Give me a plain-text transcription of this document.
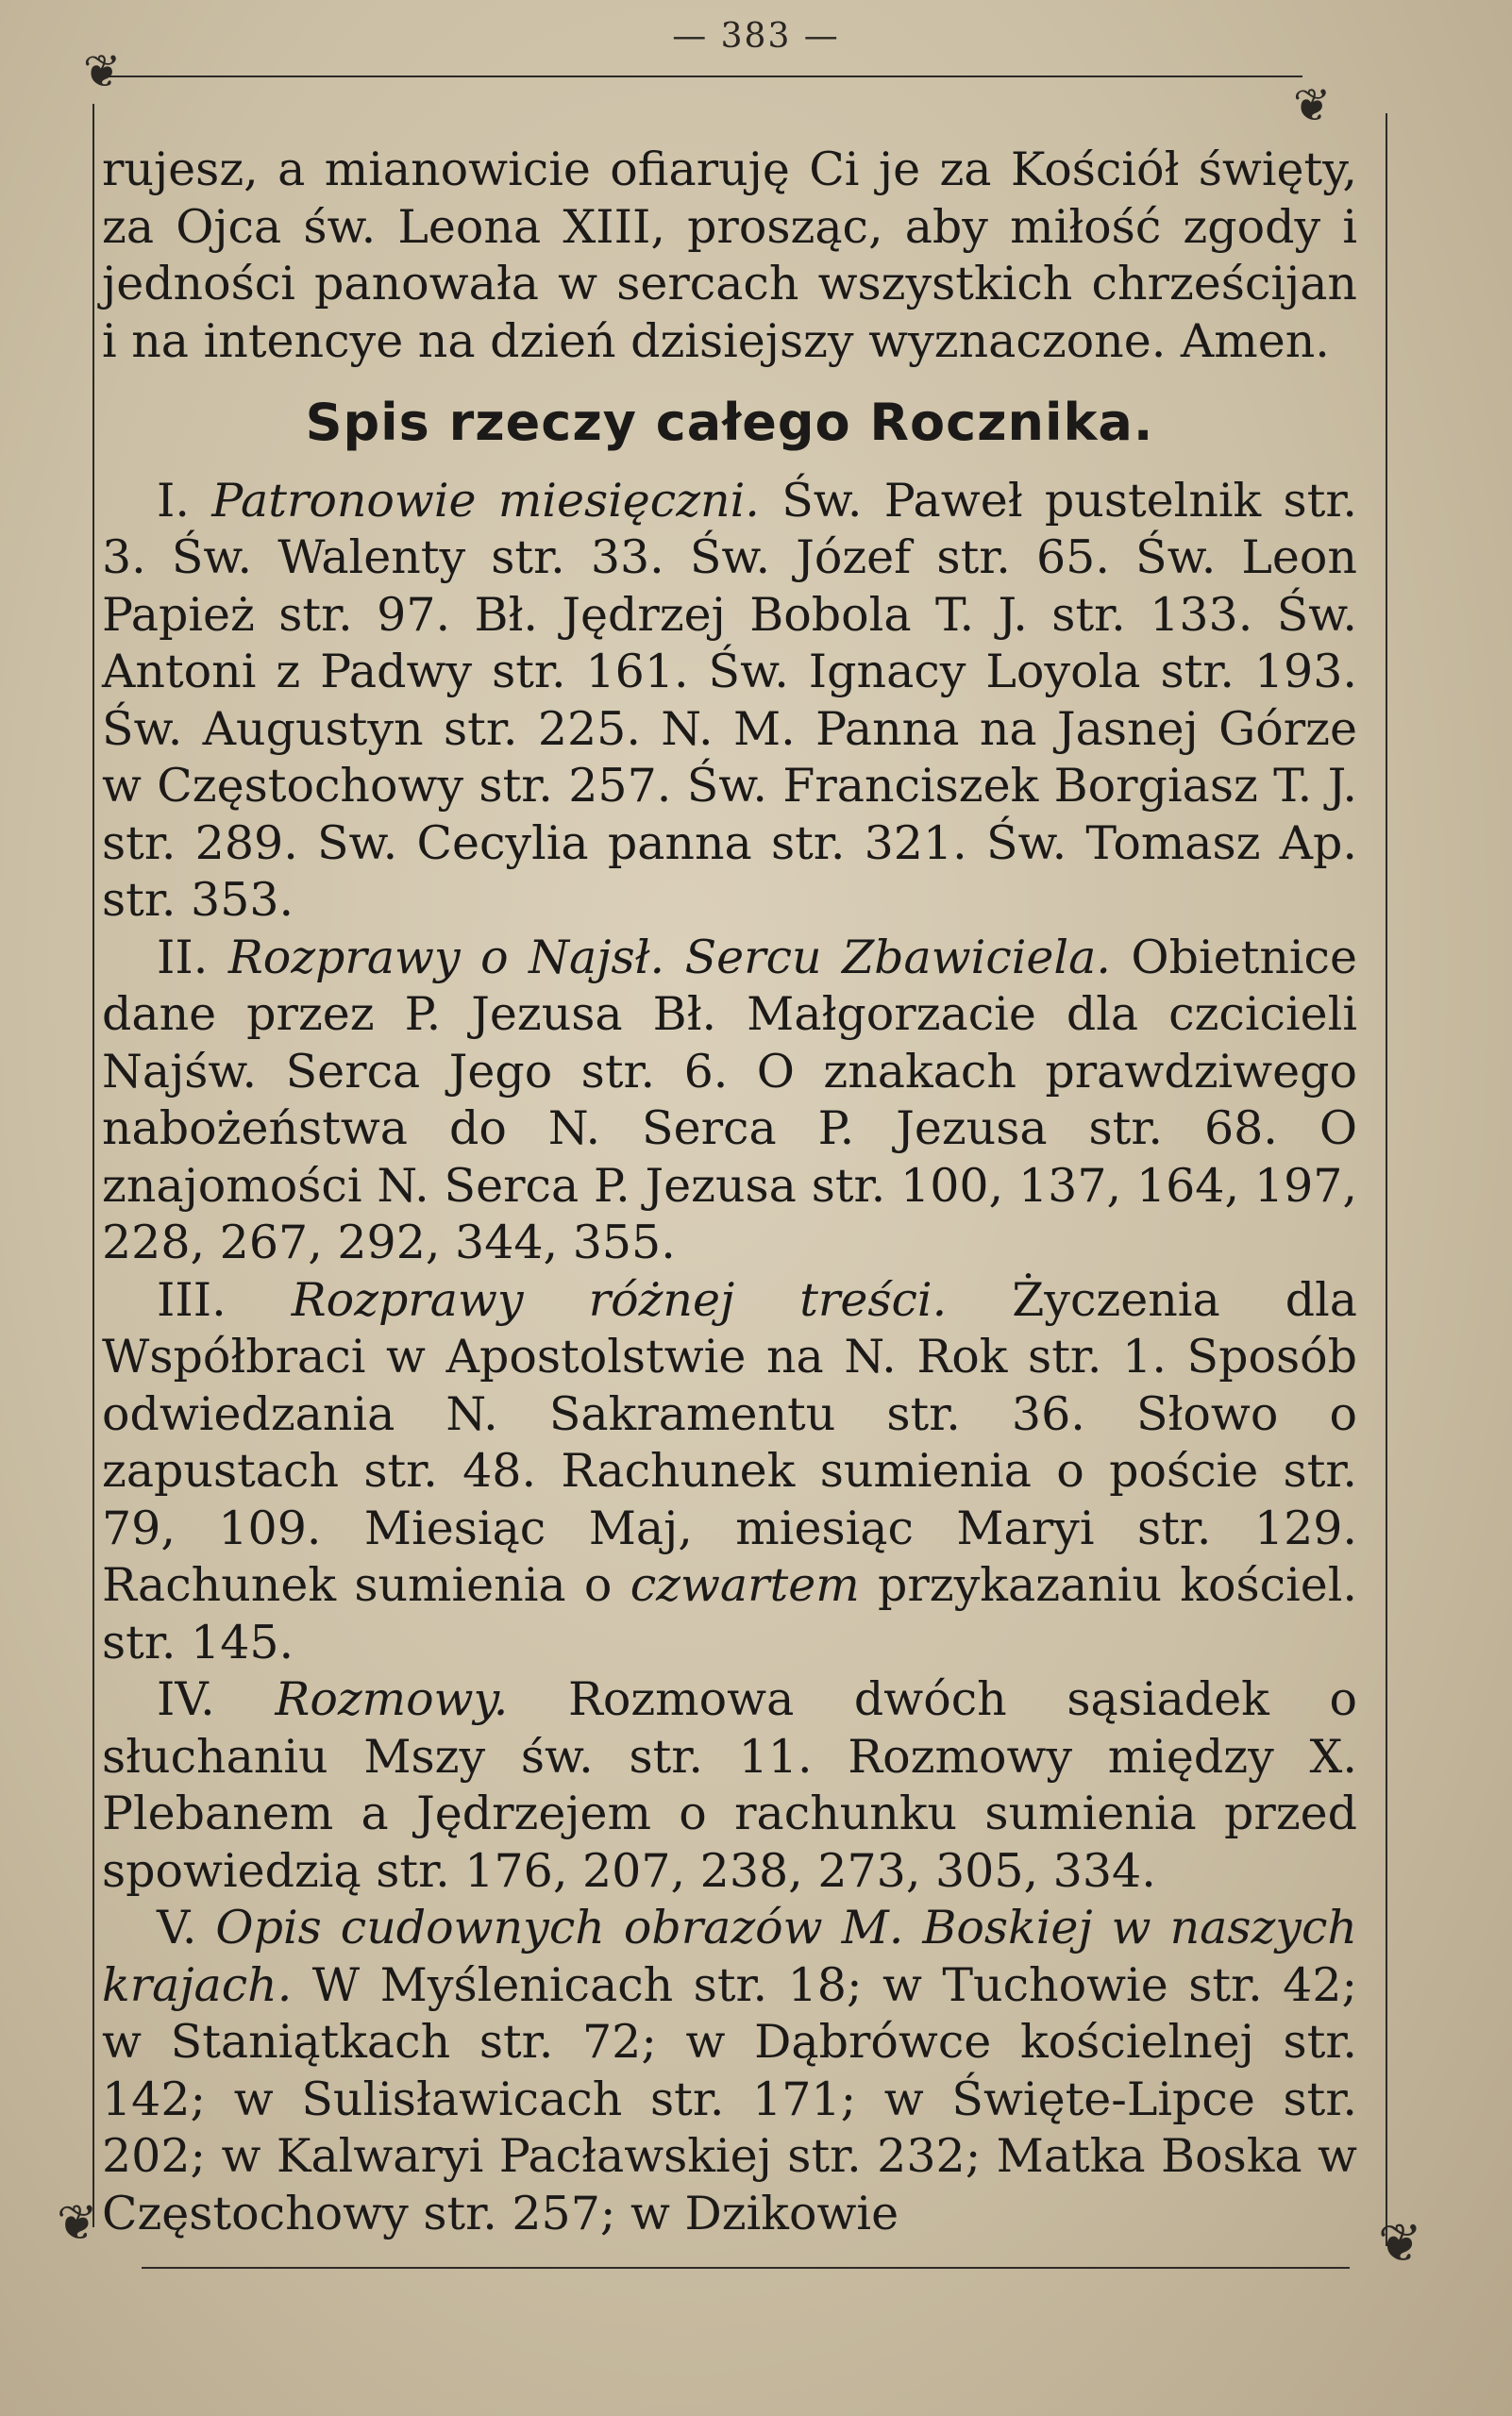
— 383 —
❦
❦
❦	❦

rujesz, a mianowicie ofiaruję Ci je za Kościół święty, za Ojca św. Leona XIII, prosząc, aby miłość zgody i jedności panowała w sercach wszystkich chrześcijan i na intencye na dzień dzisiejszy wyznaczone. Amen.

Spis rzeczy całego Rocznika.

I. Patronowie miesięczni. Św. Paweł pustelnik str. 3. Św. Walenty str. 33. Św. Józef str. 65. Św. Leon Papież str. 97. Bł. Jędrzej Bobola T. J. str. 133. Św. Antoni z Padwy str. 161. Św. Ignacy Loyola str. 193. Św. Augustyn str. 225. N. M. Panna na Jasnej Górze w Częstochowy str. 257. Św. Franciszek Borgiasz T. J. str. 289. Sw. Cecylia panna str. 321. Św. Tomasz Ap. str. 353.

II. Rozprawy o Najsł. Sercu Zbawiciela. Obietnice dane przez P. Jezusa Bł. Małgorzacie dla czcicieli Najśw. Serca Jego str. 6. O znakach prawdziwego nabożeństwa do N. Serca P. Jezusa str. 68. O znajomości N. Serca P. Jezusa str. 100, 137, 164, 197, 228, 267, 292, 344, 355.

III. Rozprawy różnej treści. Życzenia dla Współbraci w Apostolstwie na N. Rok str. 1. Sposób odwiedzania N. Sakramentu str. 36. Słowo o zapustach str. 48. Rachunek sumienia o poście str. 79, 109. Miesiąc Maj, miesiąc Maryi str. 129. Rachunek sumienia o czwartem przykazaniu kościel. str. 145.

IV. Rozmowy. Rozmowa dwóch sąsiadek o słuchaniu Mszy św. str. 11. Rozmowy między X. Plebanem a Jędrzejem o rachunku sumienia przed spowiedzią str. 176, 207, 238, 273, 305, 334.

V. Opis cudownych obrazów M. Boskiej w naszych krajach. W Myślenicach str. 18; w Tuchowie str. 42; w Staniątkach str. 72; w Dąbrówce kościelnej str. 142; w Sulisławicach str. 171; w Święte-Lipce str. 202; w Kalwaryi Pacławskiej str. 232; Matka Boska w Częstochowy str. 257; w Dzikowie
